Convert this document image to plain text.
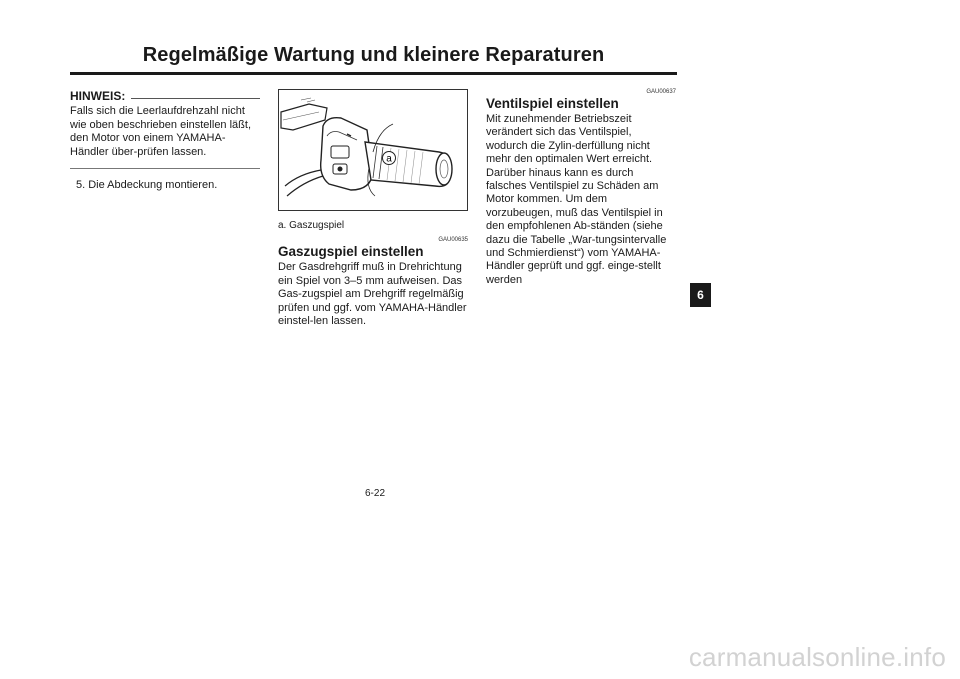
Regelmäßige Wartung und kleinere Reparaturen
HINWEIS:
Falls sich die Leerlaufdrehzahl nicht wie oben beschrieben einstellen läßt, den Motor von einem YAMAHA-Händler über-prüfen lassen.
5. Die Abdeckung montieren.
a
a. Gaszugspiel
GAU00635
Gaszugspiel einstellen
Der Gasdrehgriff muß in Drehrichtung ein Spiel von 3–5 mm aufweisen. Das Gas-zugspiel am Drehgriff regelmäßig prüfen und ggf. vom YAMAHA-Händler einstel-len lassen.
GAU00637
Ventilspiel einstellen
Mit zunehmender Betriebszeit verändert sich das Ventilspiel, wodurch die Zylin-derfüllung nicht mehr den optimalen Wert erreicht. Darüber hinaus kann es durch falsches Ventilspiel zu Schäden am Motor kommen. Um dem vorzubeugen, muß das Ventilspiel in den empfohlenen Ab-ständen (siehe dazu die Tabelle „War-tungsintervalle und Schmierdienst“) vom YAMAHA-Händler geprüft und ggf. einge-stellt werden
6
6-22
carmanualsonline.info
